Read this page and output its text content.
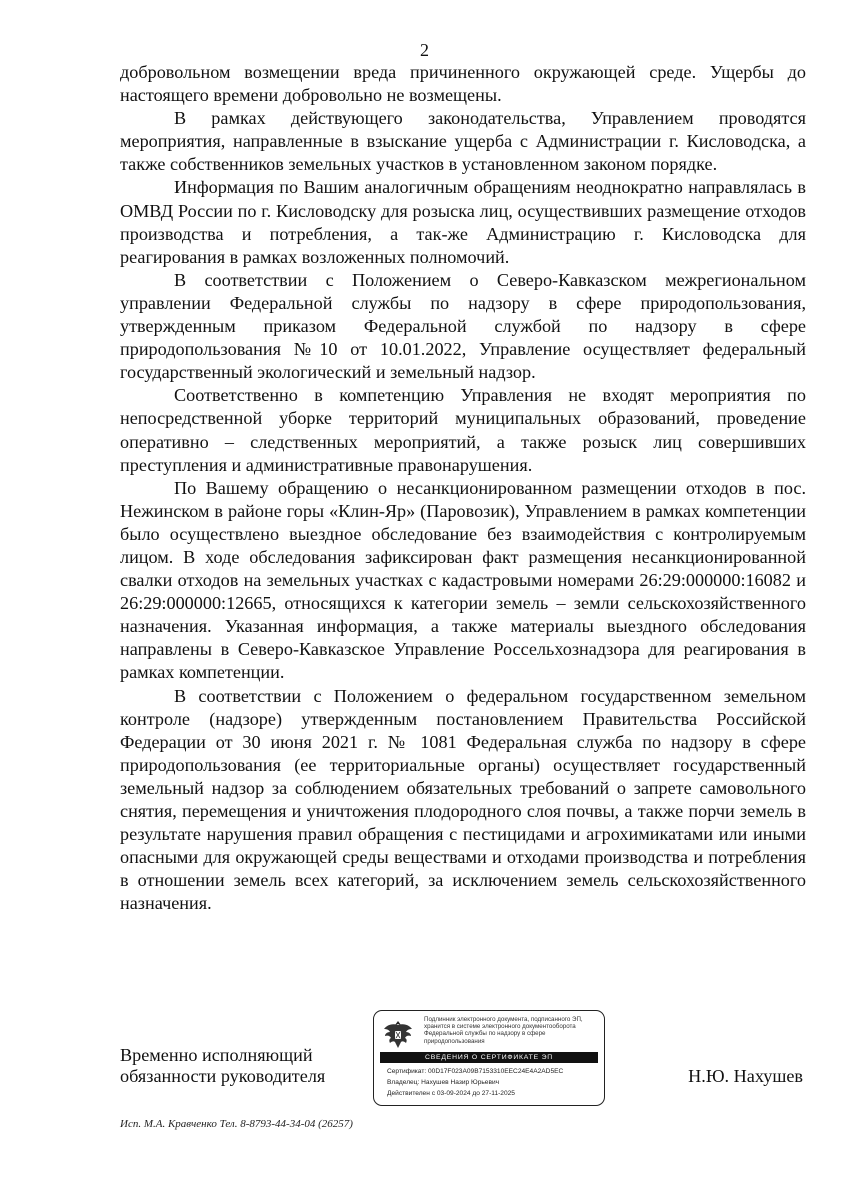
2

добровольном возмещении вреда причиненного окружающей среде. Ущербы до настоящего времени добровольно не возмещены.

В рамках действующего законодательства, Управлением проводятся мероприятия, направленные в взыскание ущерба с Администрации г. Кисловодска, а также собственников земельных участков в установленном законом порядке.

Информация по Вашим аналогичным обращениям неоднократно направлялась в ОМВД России по г. Кисловодску для розыска лиц, осуществивших размещение отходов производства и потребления, а так-же Администрацию г. Кисловодска для реагирования в рамках возложенных полномочий.

В соответствии с Положением о Северо-Кавказском межрегиональном управлении Федеральной службы по надзору в сфере природопользования, утвержденным приказом Федеральной службой по надзору в сфере природопользования №10 от 10.01.2022, Управление осуществляет федеральный государственный экологический и земельный надзор.

Соответственно в компетенцию Управления не входят мероприятия по непосредственной уборке территорий муниципальных образований, проведение оперативно – следственных мероприятий, а также розыск лиц совершивших преступления и административные правонарушения.

По Вашему обращению о несанкционированном размещении отходов в пос. Нежинском в районе горы «Клин-Яр» (Паровозик), Управлением в рамках компетенции было осуществлено выездное обследование без взаимодействия с контролируемым лицом. В ходе обследования зафиксирован факт размещения несанкционированной свалки отходов на земельных участках с кадастровыми номерами 26:29:000000:16082 и 26:29:000000:12665, относящихся к категории земель – земли сельскохозяйственного назначения. Указанная информация, а также материалы выездного обследования направлены в Северо-Кавказское Управление Россельхознадзора для реагирования в рамках компетенции.

В соответствии с Положением о федеральном государственном земельном контроле (надзоре) утвержденным постановлением Правительства Российской Федерации от 30 июня 2021 г. № 1081 Федеральная служба по надзору в сфере природопользования (ее территориальные органы) осуществляет государственный земельный надзор за соблюдением обязательных требований о запрете самовольного снятия, перемещения и уничтожения плодородного слоя почвы, а также порчи земель в результате нарушения правил обращения с пестицидами и агрохимикатами или иными опасными для окружающей среды веществами и отходами производства и потребления в отношении земель всех категорий, за исключением земель сельскохозяйственного назначения.

Временно исполняющий
обязанности руководителя
Подлинник электронного документа, подписанного ЭП, хранится в системе электронного документооборота Федеральной службы по надзору в сфере природопользования
СВЕДЕНИЯ О СЕРТИФИКАТЕ ЭП
Сертификат: 00D17F023A09B7153310EEC24E4A2AD5EC
Владелец: Нахушев Назир Юрьевич
Действителен с 03-09-2024 до 27-11-2025
Н.Ю. Нахушев
Исп. М.А. Кравченко Тел. 8-8793-44-34-04 (26257)
